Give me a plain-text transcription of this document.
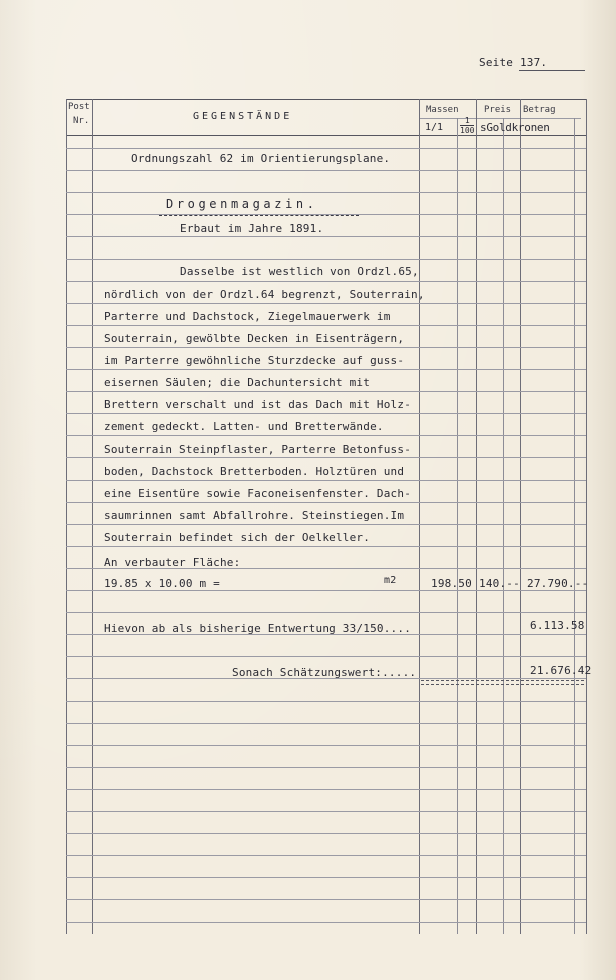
Seite 137.
Post
Nr.	GEGENSTÄNDE
Massen	Preis Betrag
$1/1 \frac{1}{100}$ sGoldkronen
Ordnungszahl 62 im Orientierungsplane.
Drogenmagazin.
Erbaut im Jahre 1891.
Dasselbe ist westlich von Ordzl.65,
nördlich von der Ordzl.64 begrenzt, Souterrain,
Parterre und Dachstock, Ziegelmauerwerk im
Souterrain, gewölbte Decken in Eisenträgern,
im Parterre gewöhnliche Sturzdecke auf guss-
eisernen Säulen; die Dachuntersicht mit
Brettern verschalt und ist das Dach mit Holz-
zement gedeckt. Latten- und Bretterwände.
Souterrain Steinpflaster, Parterre Betonfuss-
boden, Dachstock Bretterboden. Holztüren und
eine Eisentüre sowie Faconeisenfenster. Dach-
saumrinnen samt Abfallrohre. Steinstiegen.Im
Souterrain befindet sich der Oelkeller.
An verbauter Fläche:
19.85 x 10.00 m =	m2	198.50 140.-- 27.790.--
Hievon ab als bisherige Entwertung 33/150....	6.113.58
Sonach Schätzungswert:.....	21.676.42
